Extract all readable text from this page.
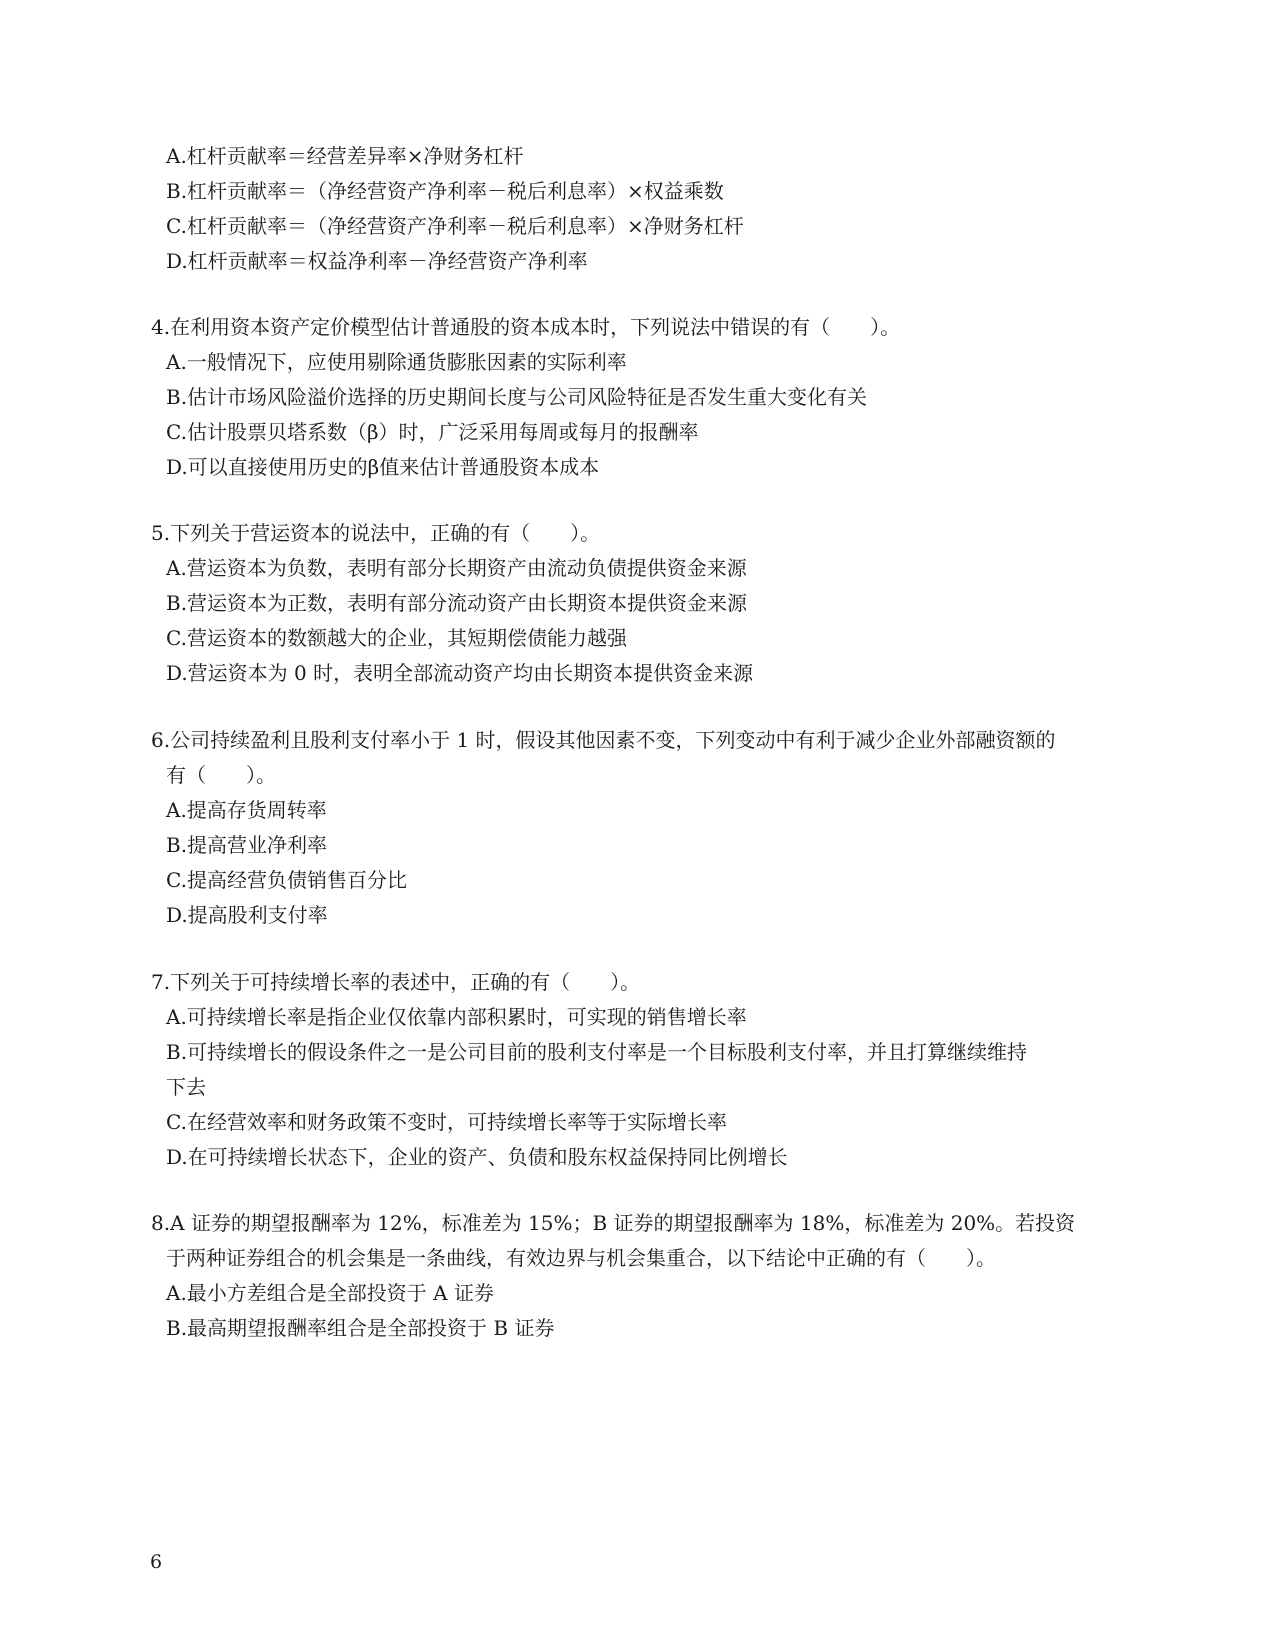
A.杠杆贡献率＝经营差异率×净财务杠杆
B.杠杆贡献率＝（净经营资产净利率－税后利息率）×权益乘数
C.杠杆贡献率＝（净经营资产净利率－税后利息率）×净财务杠杆
D.杠杆贡献率＝权益净利率－净经营资产净利率
4.在利用资本资产定价模型估计普通股的资本成本时，下列说法中错误的有（　　）。
A.一般情况下，应使用剔除通货膨胀因素的实际利率
B.估计市场风险溢价选择的历史期间长度与公司风险特征是否发生重大变化有关
C.估计股票贝塔系数（β）时，广泛采用每周或每月的报酬率
D.可以直接使用历史的β值来估计普通股资本成本
5.下列关于营运资本的说法中，正确的有（　　）。
A.营运资本为负数，表明有部分长期资产由流动负债提供资金来源
B.营运资本为正数，表明有部分流动资产由长期资本提供资金来源
C.营运资本的数额越大的企业，其短期偿债能力越强
D.营运资本为 0 时，表明全部流动资产均由长期资本提供资金来源
6.公司持续盈利且股利支付率小于 1 时，假设其他因素不变，下列变动中有利于减少企业外部融资额的
有（　　）。
A.提高存货周转率
B.提高营业净利率
C.提高经营负债销售百分比
D.提高股利支付率
7.下列关于可持续增长率的表述中，正确的有（　　）。
A.可持续增长率是指企业仅依靠内部积累时，可实现的销售增长率
B.可持续增长的假设条件之一是公司目前的股利支付率是一个目标股利支付率，并且打算继续维持
下去
C.在经营效率和财务政策不变时，可持续增长率等于实际增长率
D.在可持续增长状态下，企业的资产、负债和股东权益保持同比例增长
8.A 证券的期望报酬率为 12%，标准差为 15%；B 证券的期望报酬率为 18%，标准差为 20%。若投资
于两种证券组合的机会集是一条曲线，有效边界与机会集重合，以下结论中正确的有（　　）。
A.最小方差组合是全部投资于 A 证券
B.最高期望报酬率组合是全部投资于 B 证券
6
